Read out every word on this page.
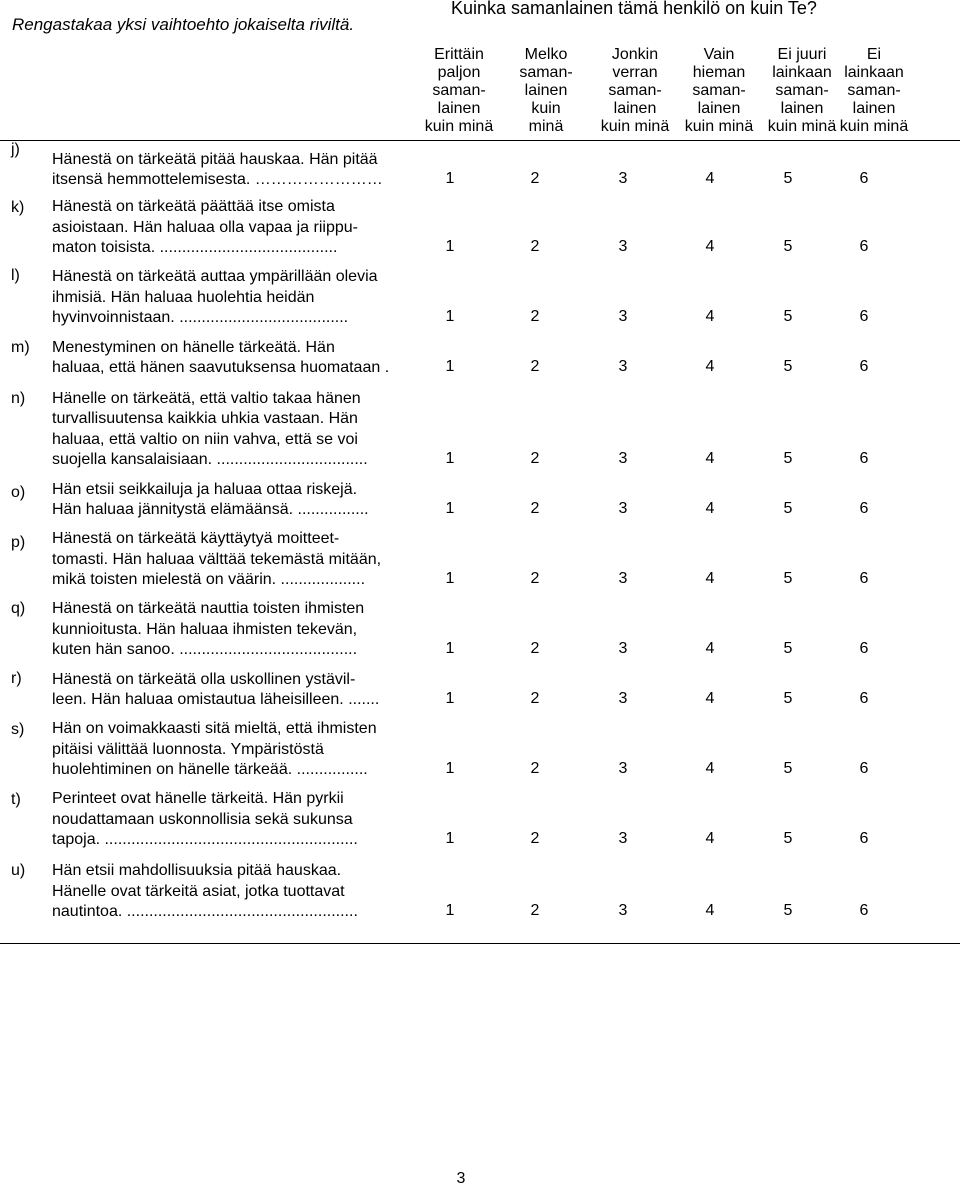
Rengastakaa yksi vaihtoehto jokaiselta riviltä.
Kuinka samanlainen tämä henkilö on kuin Te?
Erittäin
paljon
saman-
lainen
kuin minä
Melko
saman-
lainen
kuin
minä
Jonkin
verran
saman-
lainen
kuin minä
Vain
hieman
saman-
lainen
kuin minä
Ei juuri
lainkaan
saman-
lainen
kuin minä
Ei
lainkaan
saman-
lainen
kuin minä
j)
Hänestä on tärkeätä pitää hauskaa. Hän pitää
itsensä hemmottelemisesta. ……………………	1	2	3	4	5	6
k) Hänestä on tärkeätä päättää itse omista
asioistaan. Hän haluaa olla vapaa ja riippu-
maton toisista. ........................................	1	2	3	4	5	6
l) Hänestä on tärkeätä auttaa ympärillään olevia
ihmisiä. Hän haluaa huolehtia heidän
hyvinvoinnistaan. ......................................	1	2	3	4	5	6
m) Menestyminen on hänelle tärkeätä. Hän
haluaa, että hänen saavutuksensa huomataan .	1	2	3	4	5	6
n) Hänelle on tärkeätä, että valtio takaa hänen
turvallisuutensa kaikkia uhkia vastaan. Hän
haluaa, että valtio on niin vahva, että se voi
suojella kansalaisiaan. ..................................	1	2	3	4	5	6
o) Hän etsii seikkailuja ja haluaa ottaa riskejä.
Hän haluaa jännitystä elämäänsä. ................	1	2	3	4	5	6
p) Hänestä on tärkeätä käyttäytyä moitteet-
tomasti. Hän haluaa välttää tekemästä mitään,
mikä toisten mielestä on väärin. ...................	1	2	3	4	5	6
q) Hänestä on tärkeätä nauttia toisten ihmisten
kunnioitusta. Hän haluaa ihmisten tekevän,
kuten hän sanoo. ........................................	1	2	3	4	5	6
r) Hänestä on tärkeätä olla uskollinen ystävil-
leen. Hän haluaa omistautua läheisilleen. .......	1	2	3	4	5	6
s) Hän on voimakkaasti sitä mieltä, että ihmisten
pitäisi välittää luonnosta. Ympäristöstä
huolehtiminen on hänelle tärkeää. ................	1	2	3	4	5	6
t) Perinteet ovat hänelle tärkeitä. Hän pyrkii
noudattamaan uskonnollisia sekä sukunsa
tapoja. .........................................................	1	2	3	4	5	6
u) Hän etsii mahdollisuuksia pitää hauskaa.
Hänelle ovat tärkeitä asiat, jotka tuottavat
nautintoa. ....................................................	1	2	3	4	5	6
3
